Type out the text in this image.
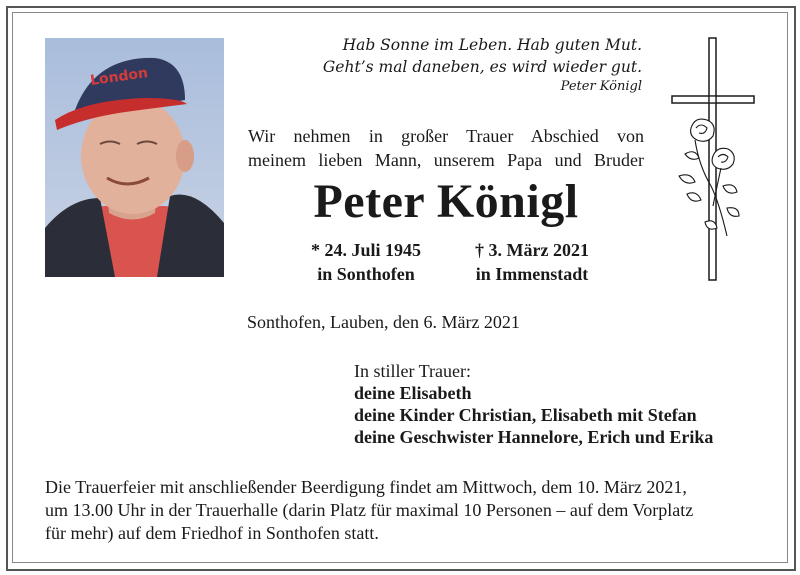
London
Hab Sonne im Leben. Hab guten Mut.
Geht’s mal daneben, es wird wieder gut.
Peter Königl
Wir nehmen in großer Trauer Abschied von
meinem lieben Mann, unserem Papa und Bruder
Peter Königl
* 24. Juli 1945
in Sonthofen
† 3. März 2021
in Immenstadt
Sonthofen, Lauben, den 6. März 2021
In stiller Trauer:
deine Elisabeth
deine Kinder Christian, Elisabeth mit Stefan
deine Geschwister Hannelore, Erich und Erika
Die Trauerfeier mit anschließender Beerdigung findet am Mittwoch, dem 10. März 2021,
um 13.00 Uhr in der Trauerhalle (darin Platz für maximal 10 Personen – auf dem Vorplatz
für mehr) auf dem Friedhof in Sonthofen statt.
